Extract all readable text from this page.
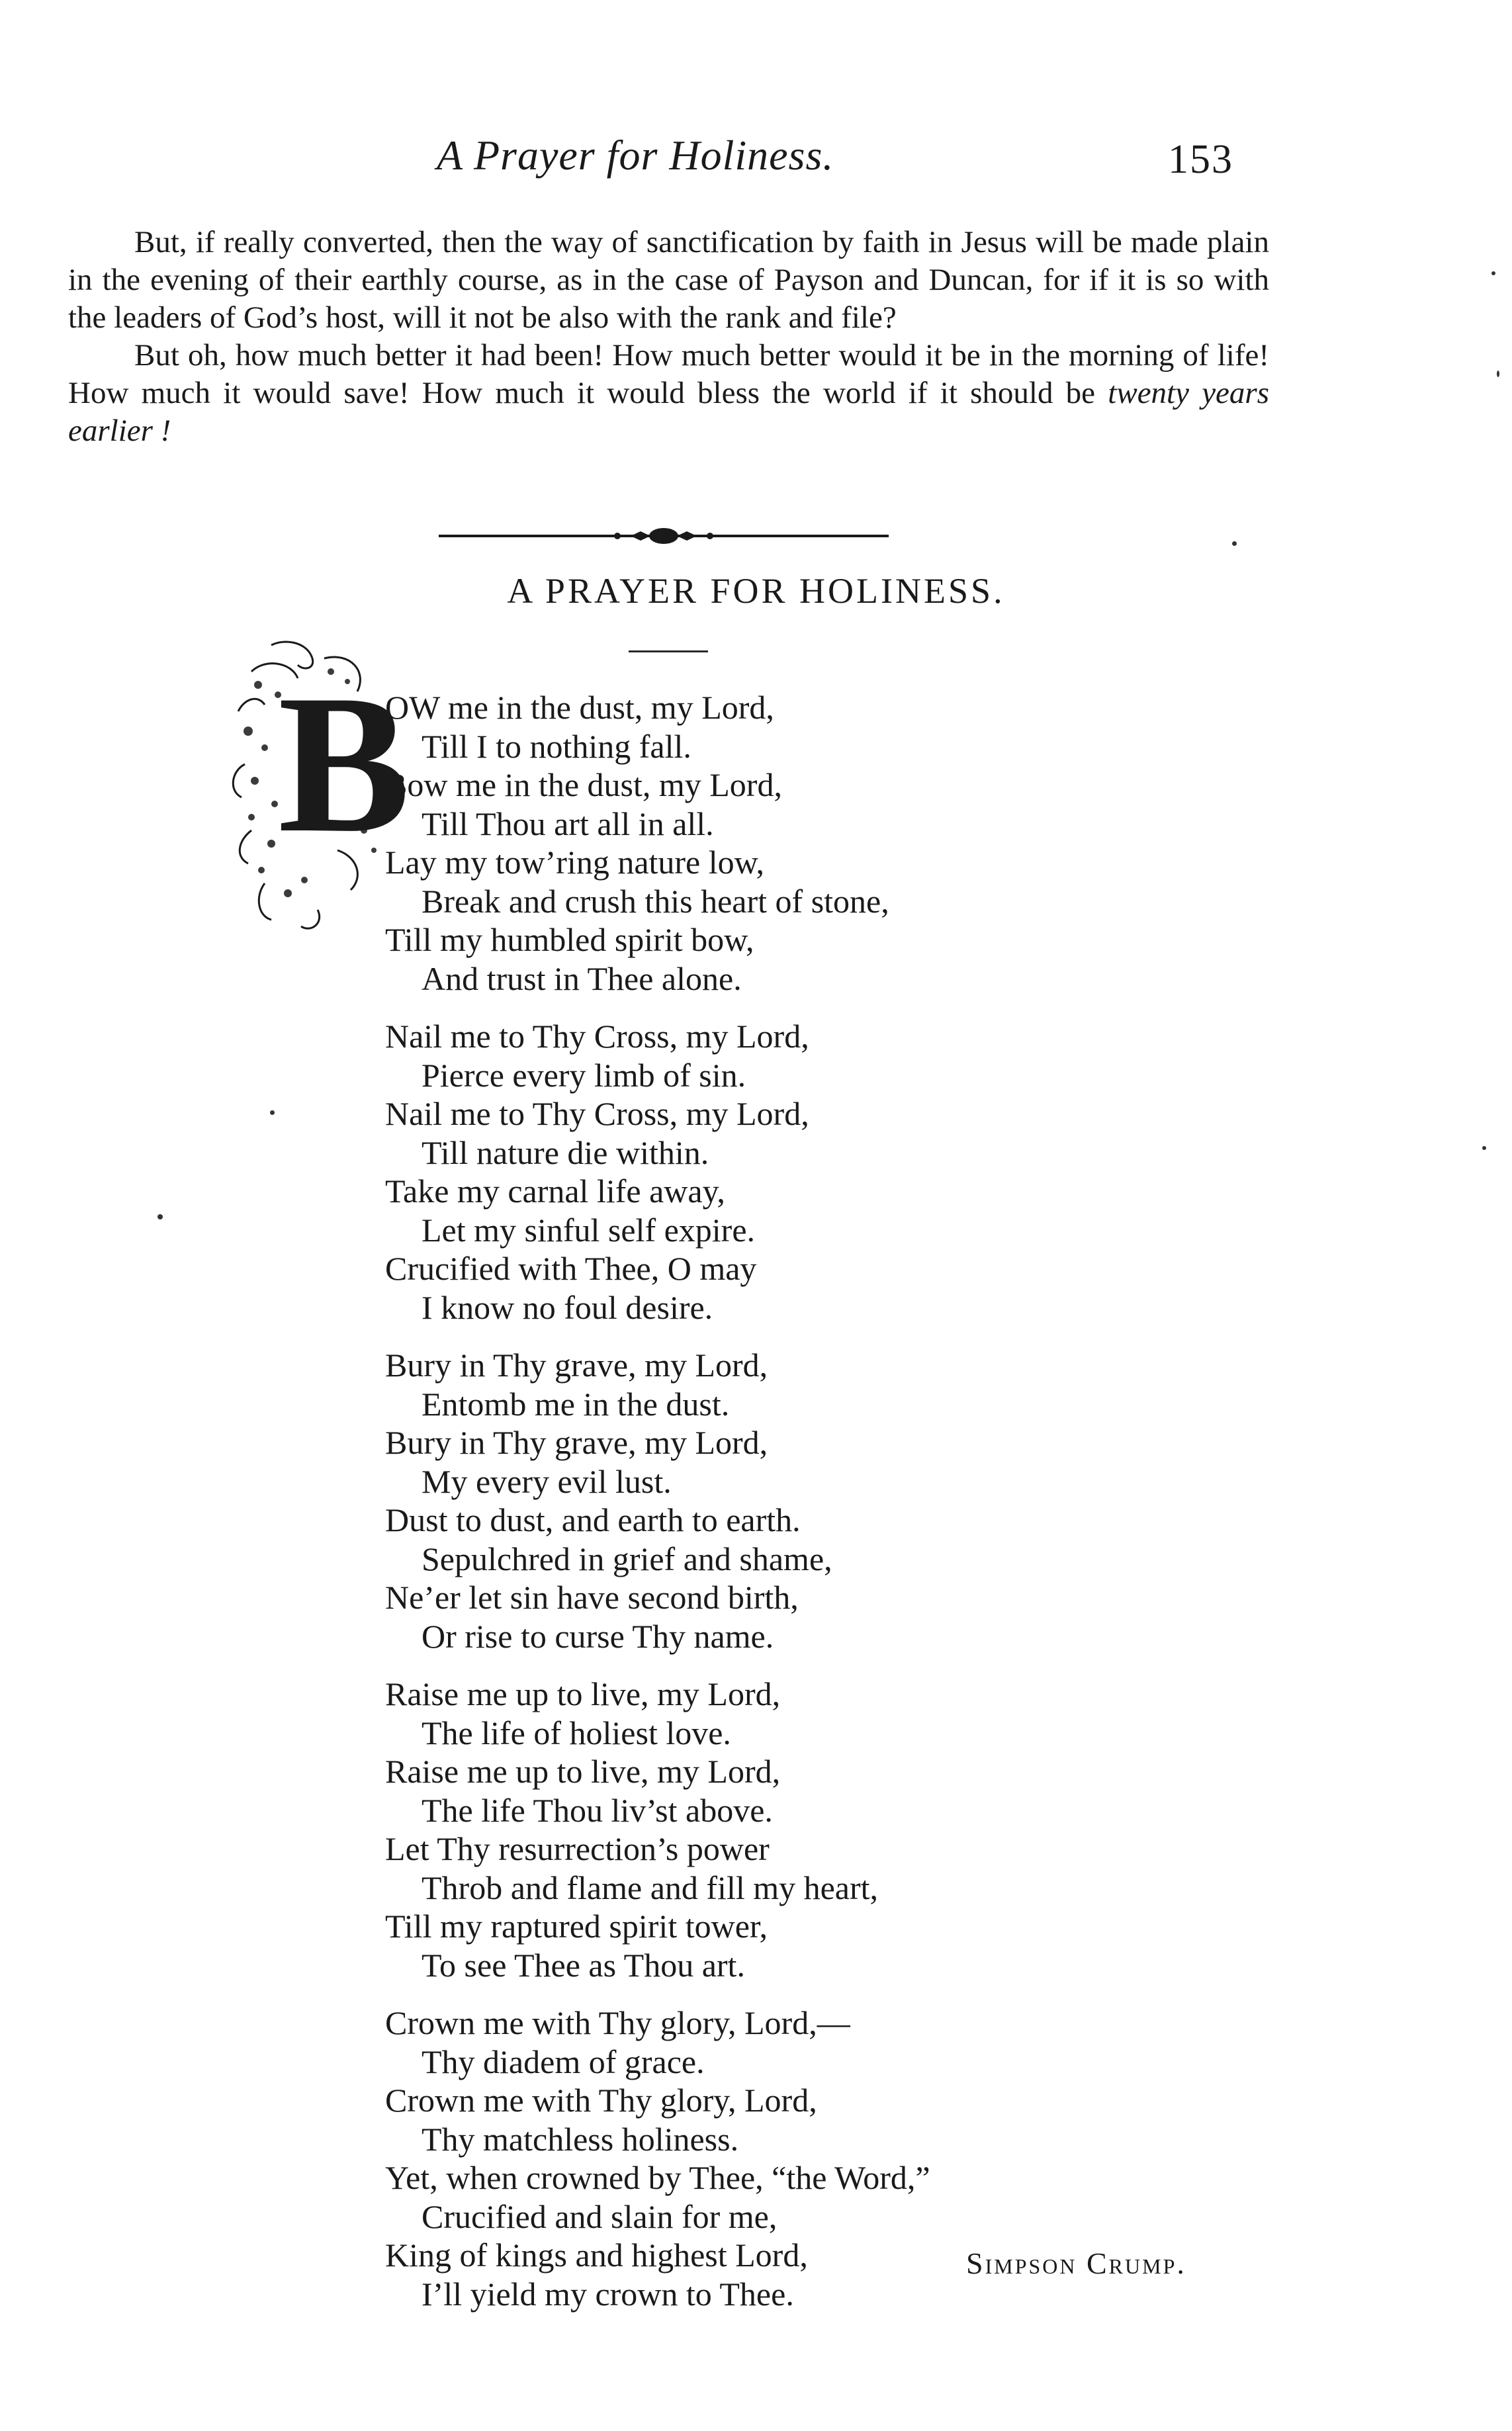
A Prayer for Holiness.	153

But, if really converted, then the way of sanctification by faith in Jesus will be made plain in the evening of their earthly course, as in the case of Payson and Duncan, for if it is so with the leaders of God’s host, will it not be also with the rank and file?

But oh, how much better it had been! How much better would it be in the morning of life! How much it would save! How much it would bless the world if it should be twenty years earlier !

A PRAYER FOR HOLINESS.
B
OW me in the dust, my Lord,
Till I to nothing fall.
Bow me in the dust, my Lord,
Till Thou art all in all.
Lay my tow’ring nature low,
Break and crush this heart of stone,
Till my humbled spirit bow,
And trust in Thee alone.
Nail me to Thy Cross, my Lord,
Pierce every limb of sin.
Nail me to Thy Cross, my Lord,
Till nature die within.
Take my carnal life away,
Let my sinful self expire.
Crucified with Thee, O may
I know no foul desire.
Bury in Thy grave, my Lord,
Entomb me in the dust.
Bury in Thy grave, my Lord,
My every evil lust.
Dust to dust, and earth to earth.
Sepulchred in grief and shame,
Ne’er let sin have second birth,
Or rise to curse Thy name.
Raise me up to live, my Lord,
The life of holiest love.
Raise me up to live, my Lord,
The life Thou liv’st above.
Let Thy resurrection’s power
Throb and flame and fill my heart,
Till my raptured spirit tower,
To see Thee as Thou art.
Crown me with Thy glory, Lord,—
Thy diadem of grace.
Crown me with Thy glory, Lord,
Thy matchless holiness.
Yet, when crowned by Thee, “the Word,”
Crucified and slain for me,
King of kings and highest Lord,
I’ll yield my crown to Thee.
Simpson Crump.
